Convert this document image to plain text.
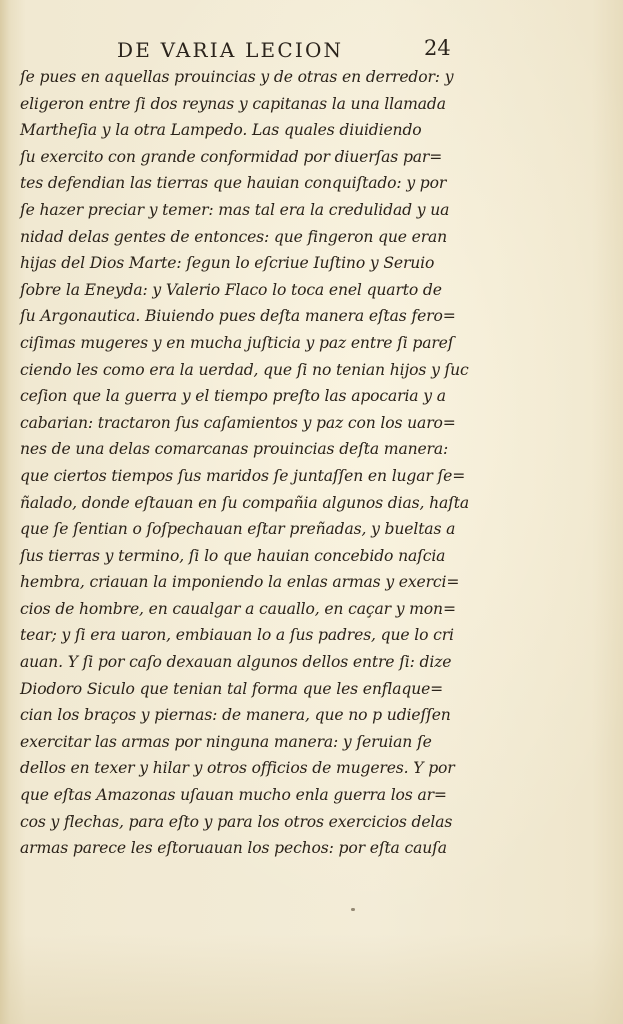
DE VARIA LECION	24
ſe pues en aquellas prouincias y de otras en derredor: y
eligeron entre ſi dos reynas y capitanas la una llamada
Martheſia y la otra Lampedo. Las quales diuidiendo
ſu exercito con grande conformidad por diuerſas par=
tes defendian las tierras que hauian conquiſtado: y por
ſe hazer preciar y temer: mas tal era la credulidad y ua
nidad delas gentes de entonces: que fingeron que eran
hijas del Dios Marte: ſegun lo eſcriue Iuſtino y Seruio
ſobre la Eneyda: y Valerio Flaco lo toca enel quarto de
ſu Argonautica. Biuiendo pues deſta manera eſtas fero=
ciſimas mugeres y en mucha juſticia y paz entre ſi pareſ
ciendo les como era la uerdad, que ſi no tenian hijos y ſuc
ceſion que la guerra y el tiempo preſto las apocaria y a
cabarian: tractaron ſus caſamientos y paz con los uaro=
nes de una delas comarcanas prouincias deſta manera:
que ciertos tiempos ſus maridos ſe juntaſſen en lugar ſe=
ñalado, donde eſtauan en ſu compañia algunos dias, haſta
que ſe ſentian o ſoſpechauan eſtar preñadas, y bueltas a
ſus tierras y termino, ſi lo que hauian concebido naſcia
hembra, criauan la imponiendo la enlas armas y exerci=
cios de hombre, en caualgar a cauallo, en caçar y mon=
tear; y ſi era uaron, embiauan lo a ſus padres, que lo cri
auan. Y ſi por caſo dexauan algunos dellos entre ſi: dize
Diodoro Siculo que tenian tal forma que les enflaque=
cian los braços y piernas: de manera, que no p udieſſen
exercitar las armas por ninguna manera: y ſeruian ſe
dellos en texer y hilar y otros officios de mugeres. Y por
que eſtas Amazonas uſauan mucho enla guerra los ar=
cos y flechas, para eſto y para los otros exercicios delas
armas parece les eſtoruauan los pechos: por eſta cauſa
